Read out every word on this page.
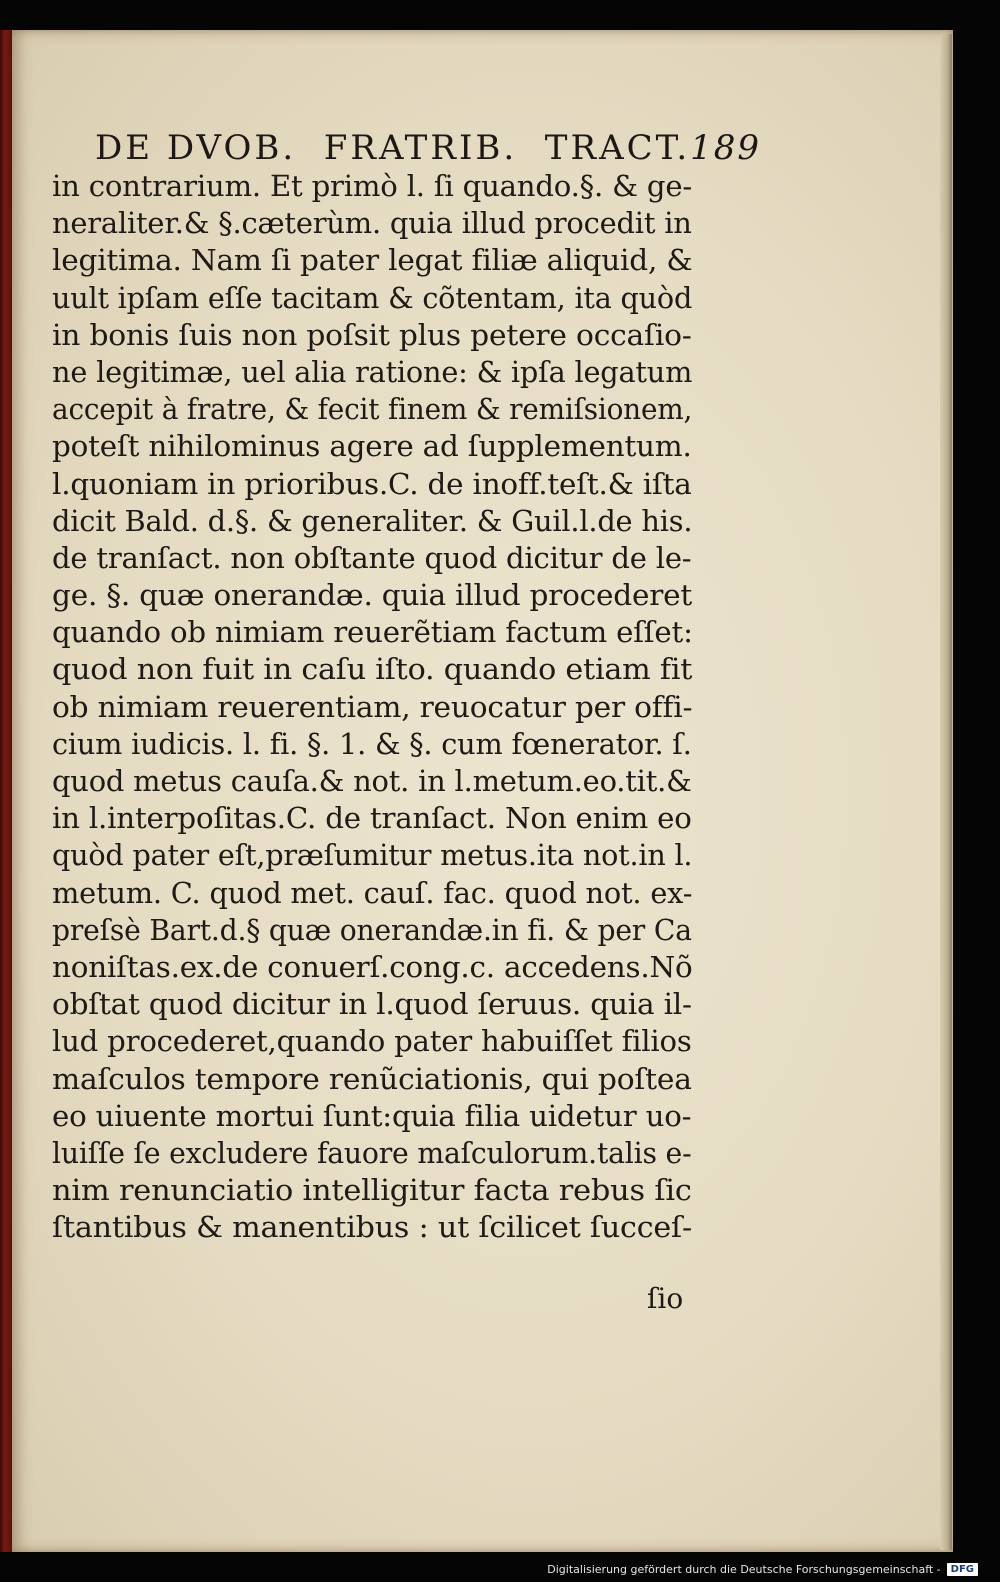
DE DVOB.  FRATRIB.  TRACT. 189
in contrarium. Et primò l. ſi quando.§. & ge-
neraliter.& §.cæterùm. quia illud procedit in
legitima. Nam ſi pater legat filiæ aliquid, &
uult ipſam eſſe tacitam & cõtentam, ita quòd
in bonis ſuis non poſsit plus petere occaſio-
ne legitimæ, uel alia ratione: & ipſa legatum
accepit à fratre, & fecit finem & remiſsionem,
poteſt nihilominus agere ad ſupplementum.
l.quoniam in prioribus.C. de inoff.teſt.& iſta
dicit Bald. d.§. & generaliter. & Guil.l.de his.
de tranſact. non obſtante quod dicitur de le-
ge. §. quæ onerandæ. quia illud procederet
quando ob nimiam reuerẽtiam factum eſſet:
quod non fuit in caſu iſto. quando etiam fit
ob nimiam reuerentiam, reuocatur per offi-
cium iudicis. l. fi. §. 1. & §. cum fœnerator. ſ.
quod metus cauſa.& not. in l.metum.eo.tit.&
in l.interpoſitas.C. de tranſact. Non enim eo
quòd pater eſt,præſumitur metus.ita not.in l.
metum. C. quod met. cauſ. fac. quod not. ex-
preſsè Bart.d.§ quæ onerandæ.in fi. & per Ca
noniſtas.ex.de conuerſ.cong.c. accedens.Nõ
obſtat quod dicitur in l.quod ſeruus. quia il-
lud procederet,quando pater habuiſſet filios
maſculos tempore renũciationis, qui poſtea
eo uiuente mortui ſunt:quia filia uidetur uo-
luiſſe ſe excludere fauore maſculorum.talis e-
nim renunciatio intelligitur facta rebus ſic
ſtantibus & manentibus : ut ſcilicet ſucceſ-
ſio
Digitalisierung gefördert durch die Deutsche Forschungsgemeinschaft -	DFG
